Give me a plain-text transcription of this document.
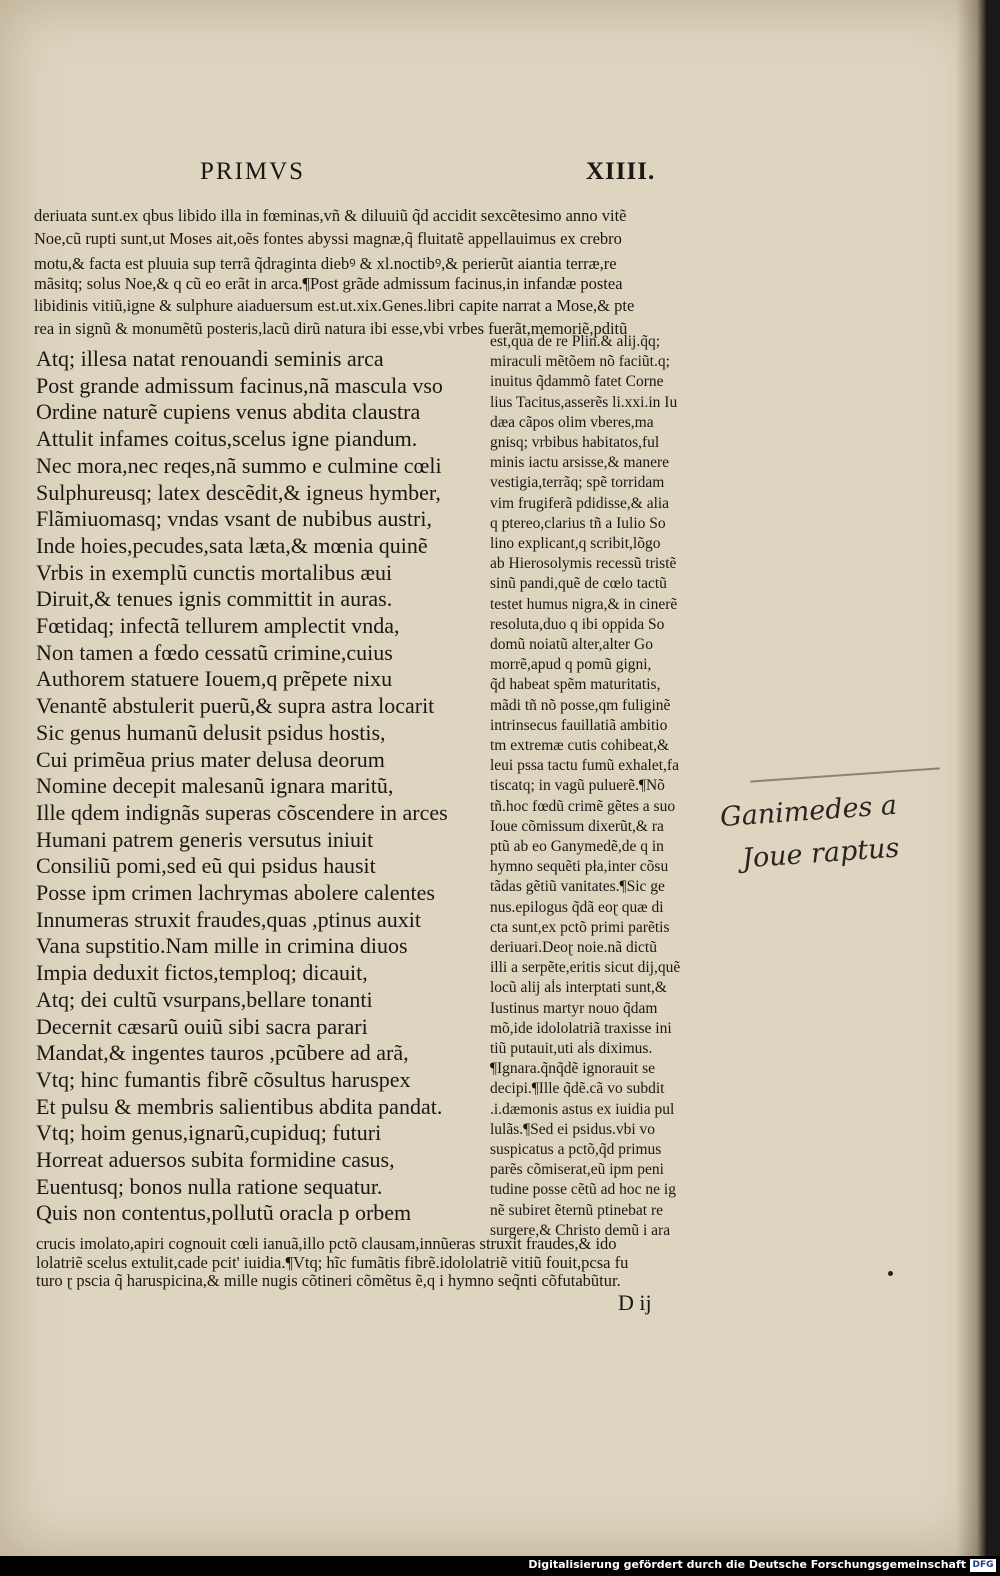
PRIMVS	XIIII.
deriuata sunt.ex qbus libido illa in fœminas,vñ & diluuiũ q̃d accidit sexcẽtesimo anno vitẽ
Noe,cũ rupti sunt,ut Moses ait,oẽs fontes abyssi magnæ,q̃ fluitatẽ appellauimus ex crebro
motu,& facta est pluuia sup terrã q̃draginta diebꝰ & xl.noctibꝰ,& perierũt aiantia terræ,re
mãsitq; solus Noe,& q cũ eo erãt in arca.¶Post grãde admissum facinus,in infandæ postea
libidinis vitiũ,igne & sulphure aiaduersum est.ut.xix.Genes.libri capite narrat a Mose,& pte
rea in signũ & monumẽtũ posteris,lacũ dirũ natura ibi esse,vbi vrbes fuerãt,memoriẽ,pditũ
Atq; illesa natat renouandi seminis arca
Post grande admissum facinus,nã mascula vso
Ordine naturẽ cupiens venus abdita claustra
Attulit infames coitus,scelus igne piandum.
Nec mora,nec reqes,nã summo e culmine cœli
Sulphureusq; latex descẽdit,& igneus hymber,
Flãmiuomasq; vndas vsant de nubibus austri,
Inde hoies,pecudes,sata læta,& mœnia quinẽ
Vrbis in exemplũ cunctis mortalibus æui
Diruit,& tenues ignis committit in auras.
Fœtidaq; infectã tellurem amplectit vnda,
Non tamen a fœdo cessatũ crimine,cuius
Authorem statuere Iouem,q prẽpete nixu
Venantẽ abstulerit puerũ,& supra astra locarit
Sic genus humanũ delusit psidus hostis,
Cui primẽua prius mater delusa deorum
Nomine decepit malesanũ ignara maritũ,
Ille qdem indignãs superas cõscendere in arces
Humani patrem generis versutus iniuit
Consiliũ pomi,sed eũ qui psidus hausit
Posse ipm crimen lachrymas abolere calentes
Innumeras struxit fraudes,quas ,ptinus auxit
Vana supstitio.Nam mille in crimina diuos
Impia deduxit fictos,temploq; dicauit,
Atq; dei cultũ vsurpans,bellare tonanti
Decernit cæsarũ ouiũ sibi sacra parari
Mandat,& ingentes tauros ,pcũbere ad arã,
Vtq; hinc fumantis fibrẽ cõsultus haruspex
Et pulsu & membris salientibus abdita pandat.
Vtq; hoim genus,ignarũ,cupiduq; futuri
Horreat aduersos subita formidine casus,
Euentusq; bonos nulla ratione sequatur.
Quis non contentus,pollutũ oracla p orbem
est,qua de re Plin.& alij.q̃q;
miraculi mẽtõem nõ faciũt.q;
inuitus q̃dammõ fatet Corne
lius Tacitus,asserẽs li.xxi.in Iu
dæa cãpos olim vberes,ma
gnisq; vrbibus habitatos,ful
minis iactu arsisse,& manere
vestigia,terrãq; spẽ torridam
vim frugiferã pdidisse,& alia
q ptereo,clarius tñ a Iulio So
lino explicant,q scribit,lõgo
ab Hierosolymis recessũ tristẽ
sinũ pandi,quẽ de cœlo tactũ
testet humus nigra,& in cinerẽ
resoluta,duo q ibi oppida So
domũ noiatũ alter,alter Go
morrẽ,apud q pomũ gigni,
q̃d habeat spẽm maturitatis,
mãdi tñ nõ posse,qm fuliginẽ
intrinsecus fauillatiã ambitio
tm extremæ cutis cohibeat,&
leui pssa tactu fumũ exhalet,fa
tiscatq; in vagũ puluerẽ.¶Nõ
tñ.hoc fœdũ crimẽ gẽtes a suo
Ioue cõmissum dixerũt,& ra
ptũ ab eo Ganymedẽ,de q in
hymno sequẽti pła,inter cõsu
tãdas gẽtiũ vanitates.¶Sic ge
nus.epilogus q̃dã eoɽ quæ di
cta sunt,ex pctõ primi parẽtis
deriuari.Deoɽ noie.nã dictũ
illi a serpẽte,eritis sicut dij,quẽ
locũ alij aĺs interptati sunt,&
Iustinus martyr nouo q̃dam
mõ,ide idololatriã traxisse ini
tiũ putauit,uti aĺs diximus.
¶Ignara.q̃nq̃dẽ ignorauit se
decipi.¶Ille q̃dẽ.cã vo subdit
.i.dæmonis astus ex iuidia pul
lulãs.¶Sed ei psidus.vbi vo
suspicatus a pctõ,q̃d primus
parẽs cõmiserat,eũ ipm peni
tudine posse cẽtũ ad hoc ne ig
nẽ subiret ẽternũ ptinebat re
surgere,& Christo demũ i ara
crucis imolato,apiri cognouit cœli ianuã,illo pctõ clausam,innũeras struxit fraudes,& ido
lolatriẽ scelus extulit,cade pcit' iuidia.¶Vtq; hĩc fumãtis fibrẽ.idololatriẽ vitiũ fouit,pcsa fu
turo ɽ pscia q̃ haruspicina,& mille nugis cõtineri cõmẽtus ẽ,q i hymno seq̃nti cõfutabũtur.
D ij
Ganimedes a
Joue raptus
Digitalisierung gefördert durch die Deutsche Forschungsgemeinschaft DFG
